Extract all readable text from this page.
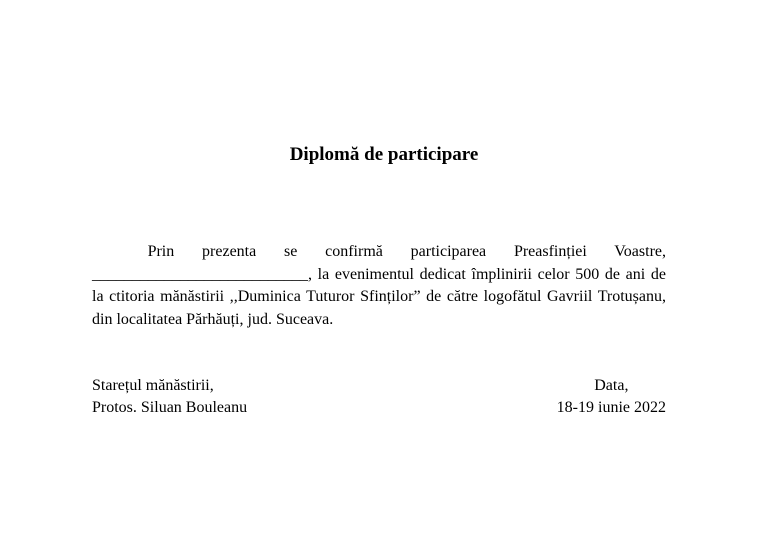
Diplomă de participare

Prin prezenta se confirmă participarea Preasfinției Voastre, ___________________________, la evenimentul dedicat împlinirii celor 500 de ani de la ctitoria mănăstirii ,,Duminica Tuturor Sfinților” de către logofătul Gavriil Trotușanu, din localitatea Părhăuți, jud. Suceava.

Starețul mănăstirii,
Protos. Siluan Bouleanu
Data,
18-19 iunie 2022
